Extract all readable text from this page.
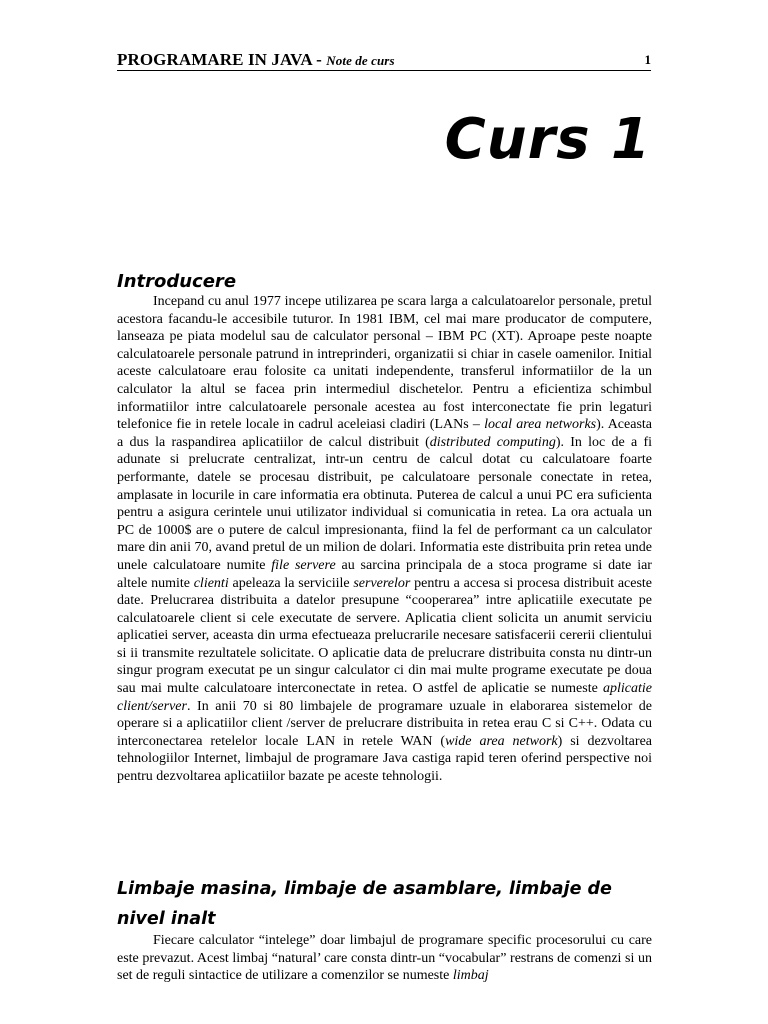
PROGRAMARE IN JAVA - Note de curs	1
Curs 1
Introducere

Incepand cu anul 1977 incepe utilizarea pe scara larga a calculatoarelor personale, pretul acestora facandu-le accesibile tuturor. In 1981 IBM, cel mai mare producator de computere, lanseaza pe piata modelul sau de calculator personal – IBM PC (XT). Aproape peste noapte calculatoarele personale patrund in intreprinderi, organizatii si chiar in casele oamenilor. Initial aceste calculatoare erau folosite ca unitati independente, transferul informatiilor de la un calculator la altul se facea prin intermediul dischetelor. Pentru a eficientiza schimbul informatiilor intre calculatoarele personale acestea au fost interconectate fie prin legaturi telefonice fie in retele locale in cadrul aceleiasi cladiri (LANs – local area networks). Aceasta a dus la raspandirea aplicatiilor de calcul distribuit (distributed computing). In loc de a fi adunate si prelucrate centralizat, intr-un centru de calcul dotat cu calculatoare foarte performante, datele se procesau distribuit, pe calculatoare personale conectate in retea, amplasate in locurile in care informatia era obtinuta. Puterea de calcul a unui PC era suficienta pentru a asigura cerintele unui utilizator individual si comunicatia in retea. La ora actuala un PC de 1000$ are o putere de calcul impresionanta, fiind la fel de performant ca un calculator mare din anii 70, avand pretul de un milion de dolari. Informatia este distribuita prin retea unde unele calculatoare numite file servere au sarcina principala de a stoca programe si date iar altele numite clienti apeleaza la serviciile serverelor pentru a accesa si procesa distribuit aceste date. Prelucrarea distribuita a datelor presupune “cooperarea” intre aplicatiile executate pe calculatoarele client si cele executate de servere. Aplicatia client solicita un anumit serviciu aplicatiei server, aceasta din urma efectueaza prelucrarile necesare satisfacerii cererii clientului si ii transmite rezultatele solicitate. O aplicatie data de prelucrare distribuita consta nu dintr-un singur program executat pe un singur calculator ci din mai multe programe executate pe doua sau mai multe calculatoare interconectate in retea. O astfel de aplicatie se numeste aplicatie client/server. In anii 70 si 80 limbajele de programare uzuale in elaborarea sistemelor de operare si a aplicatiilor client /server de prelucrare distribuita in retea erau C si C++. Odata cu interconectarea retelelor locale LAN in retele WAN (wide area network) si dezvoltarea tehnologiilor Internet, limbajul de programare Java castiga rapid teren oferind perspective noi pentru dezvoltarea aplicatiilor bazate pe aceste tehnologii.

Limbaje masina, limbaje de asamblare, limbaje de nivel inalt

Fiecare calculator “intelege” doar limbajul de programare specific procesorului cu care este prevazut. Acest limbaj “natural’ care consta dintr-un “vocabular” restrans de comenzi si un set de reguli sintactice de utilizare a comenzilor se numeste limbaj
